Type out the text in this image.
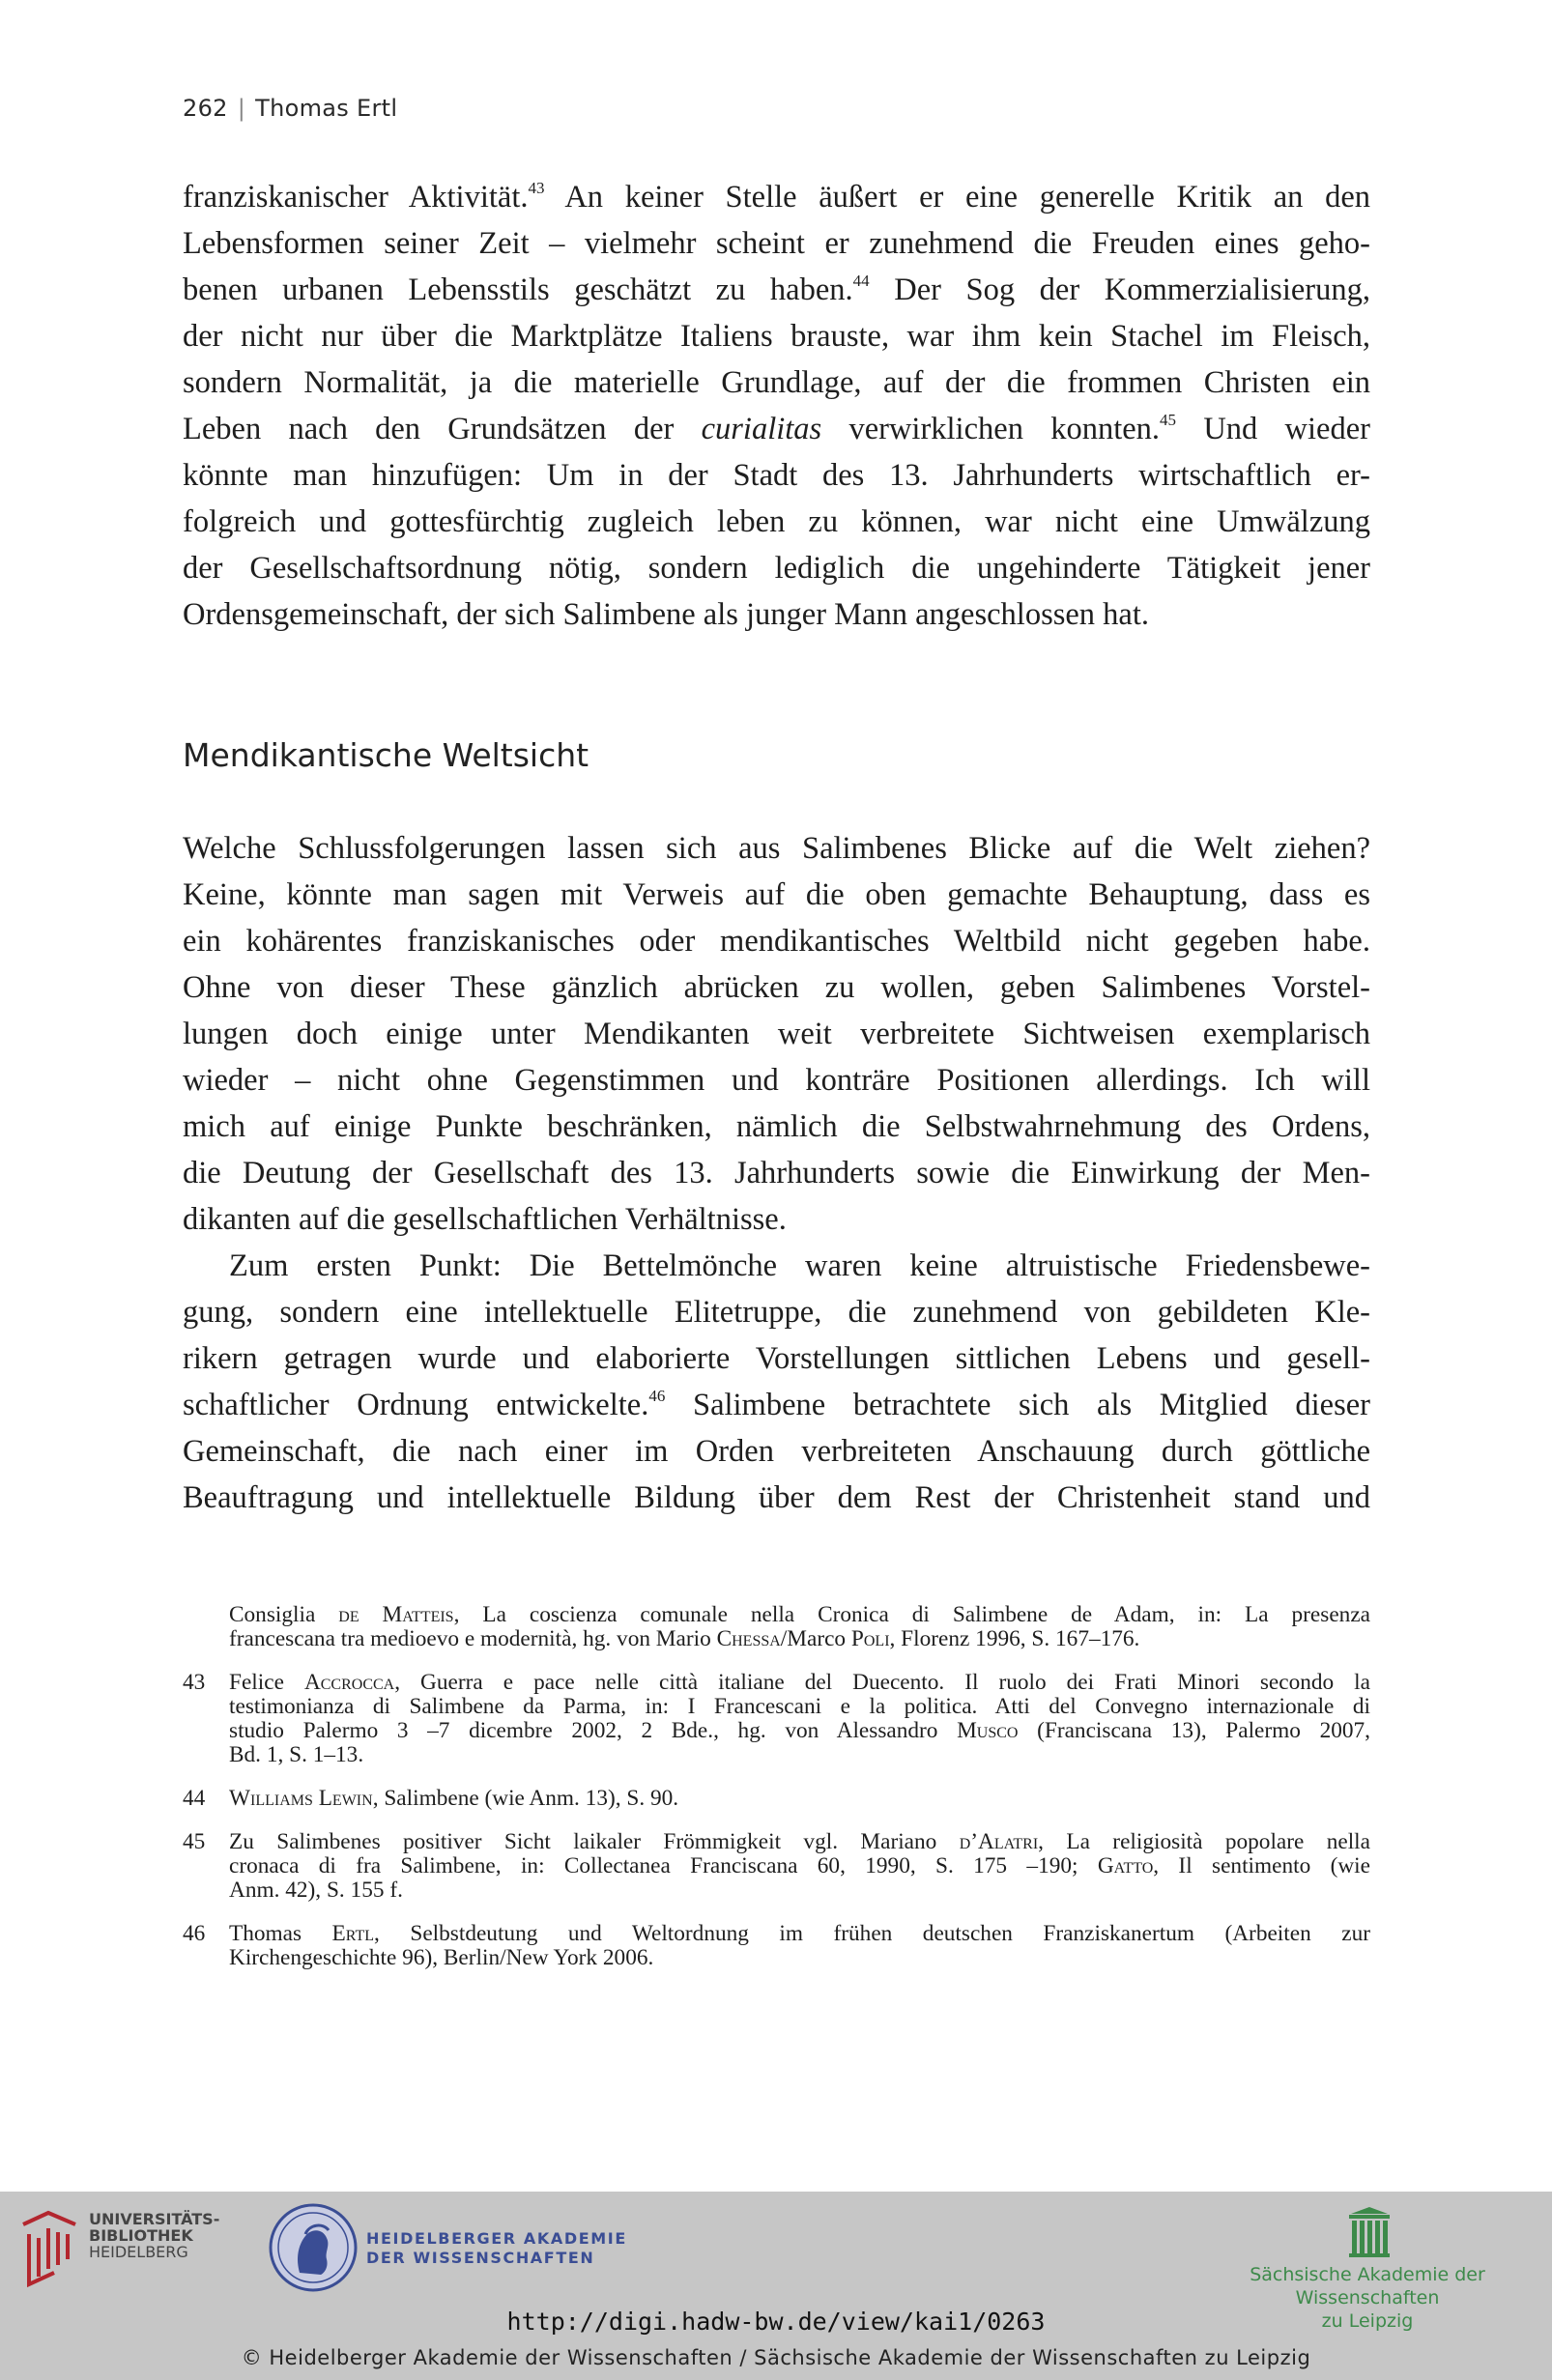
262 | Thomas Ertl
franziskanischer Aktivität.$^{43}$ An keiner Stelle äußert er eine generelle Kritik an den
Lebensformen seiner Zeit – vielmehr scheint er zunehmend die Freuden eines geho-
benen urbanen Lebensstils geschätzt zu haben.$^{44}$ Der Sog der Kommerzialisierung,
der nicht nur über die Marktplätze Italiens brauste, war ihm kein Stachel im Fleisch,
sondern Normalität, ja die materielle Grundlage, auf der die frommen Christen ein
Leben nach den Grundsätzen der curialitas verwirklichen konnten.$^{45}$ Und wieder
könnte man hinzufügen: Um in der Stadt des 13. Jahrhunderts wirtschaftlich er-
folgreich und gottesfürchtig zugleich leben zu können, war nicht eine Umwälzung
der Gesellschaftsordnung nötig, sondern lediglich die ungehinderte Tätigkeit jener
Ordensgemeinschaft, der sich Salimbene als junger Mann angeschlossen hat.
Mendikantische Weltsicht
Welche Schlussfolgerungen lassen sich aus Salimbenes Blicke auf die Welt ziehen?
Keine, könnte man sagen mit Verweis auf die oben gemachte Behauptung, dass es
ein kohärentes franziskanisches oder mendikantisches Weltbild nicht gegeben habe.
Ohne von dieser These gänzlich abrücken zu wollen, geben Salimbenes Vorstel-
lungen doch einige unter Mendikanten weit verbreitete Sichtweisen exemplarisch
wieder – nicht ohne Gegenstimmen und konträre Positionen allerdings. Ich will
mich auf einige Punkte beschränken, nämlich die Selbstwahrnehmung des Ordens,
die Deutung der Gesellschaft des 13. Jahrhunderts sowie die Einwirkung der Men-
dikanten auf die gesellschaftlichen Verhältnisse.
Zum ersten Punkt: Die Bettelmönche waren keine altruistische Friedensbewe-
gung, sondern eine intellektuelle Elitetruppe, die zunehmend von gebildeten Kle-
rikern getragen wurde und elaborierte Vorstellungen sittlichen Lebens und gesell-
schaftlicher Ordnung entwickelte.$^{46}$ Salimbene betrachtete sich als Mitglied dieser
Gemeinschaft, die nach einer im Orden verbreiteten Anschauung durch göttliche
Beauftragung und intellektuelle Bildung über dem Rest der Christenheit stand und
Consiglia de Matteis, La coscienza comunale nella Cronica di Salimbene de Adam, in: La presenza
francescana tra medioevo e modernità, hg. von Mario Chessa/Marco Poli, Florenz 1996, S. 167–176.
43 Felice Accrocca, Guerra e pace nelle città italiane del Duecento. Il ruolo dei Frati Minori secondo la
testimonianza di Salimbene da Parma, in: I Francescani e la politica. Atti del Convegno internazionale di
studio Palermo 3 –7 dicembre 2002, 2 Bde., hg. von Alessandro Musco (Franciscana 13), Palermo 2007,
Bd. 1, S. 1–13.
44 Williams Lewin, Salimbene (wie Anm. 13), S. 90.
45 Zu Salimbenes positiver Sicht laikaler Frömmigkeit vgl. Mariano d’Alatri, La religiosità popolare nella
cronaca di fra Salimbene, in: Collectanea Franciscana 60, 1990, S. 175 –190; Gatto, Il sentimento (wie
Anm. 42), S. 155 f.
46 Thomas Ertl, Selbstdeutung und Weltordnung im frühen deutschen Franziskanertum (Arbeiten zur
Kirchengeschichte 96), Berlin/New York 2006.
UNIVERSITÄTS-
BIBLIOTHEK
HEIDELBERG
HEIDELBERGER AKADEMIE
DER WISSENSCHAFTEN
Sächsische Akademie der Wissenschaften
zu Leipzig
http://digi.hadw-bw.de/view/kai1/0263
© Heidelberger Akademie der Wissenschaften / Sächsische Akademie der Wissenschaften zu Leipzig
